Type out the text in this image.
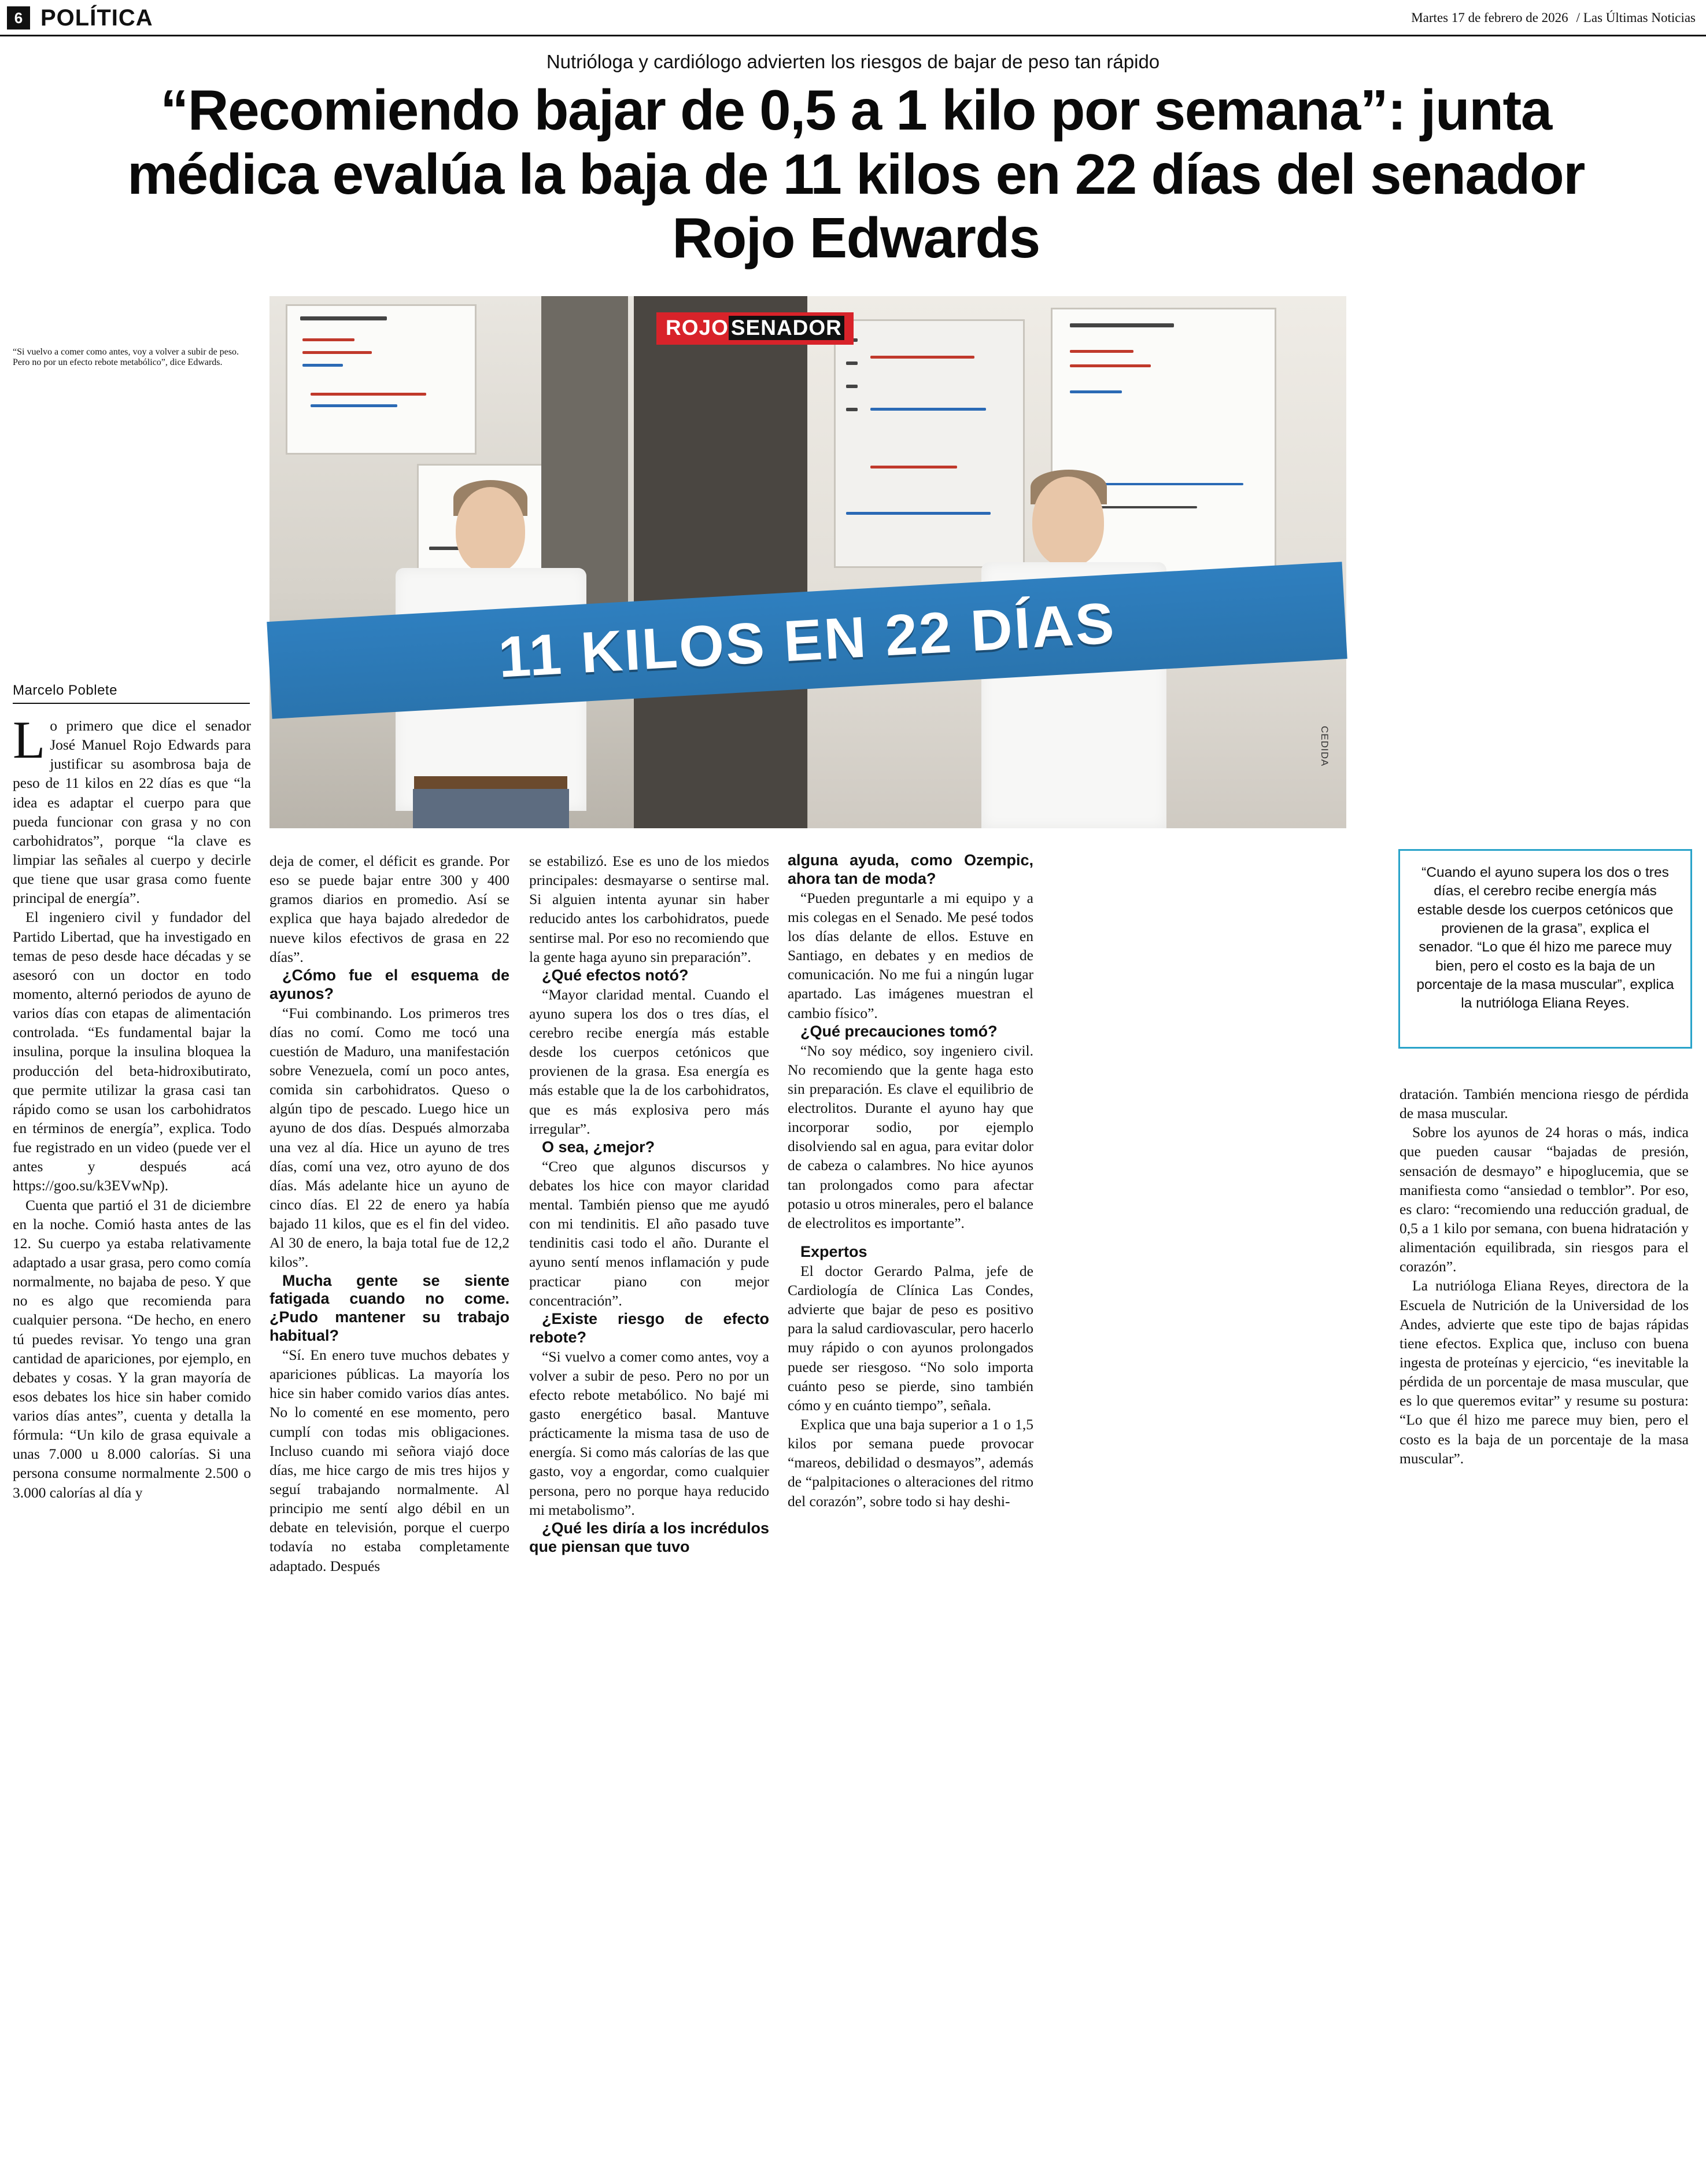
6 POLÍTICA	Martes 17 de febrero de 2026 / Las Últimas Noticias
Nutrióloga y cardiólogo advierten los riesgos de bajar de peso tan rápido
“Recomiendo bajar de 0,5 a 1 kilo por semana”: junta médica evalúa la baja de 11 kilos en 22 días del senador Rojo Edwards
“Si vuelvo a comer como antes, voy a volver a subir de peso. Pero no por un efecto rebote metabólico”, dice Edwards.
Marcelo Poblete
ROJO SENADOR
11 KILOS EN 22 DÍAS
CEDIDA
“Cuando el ayuno supera los dos o tres días, el cerebro recibe energía más estable desde los cuerpos cetónicos que provienen de la grasa”, explica el senador. “Lo que él hizo me parece muy bien, pero el costo es la baja de un porcentaje de la masa muscular”, explica la nutrióloga Eliana Reyes.

Lo primero que dice el senador José Manuel Rojo Edwards para justificar su asombrosa baja de peso de 11 kilos en 22 días es que “la idea es adaptar el cuerpo para que pueda funcionar con grasa y no con carbohidratos”, porque “la clave es limpiar las señales al cuerpo y decirle que tiene que usar grasa como fuente principal de energía”.

El ingeniero civil y fundador del Partido Libertad, que ha investigado en temas de peso desde hace décadas y se asesoró con un doctor en todo momento, alternó periodos de ayuno de varios días con etapas de alimentación controlada. “Es fundamental bajar la insulina, porque la insulina bloquea la producción del beta-hidroxibutirato, que permite utilizar la grasa casi tan rápido como se usan los carbohidratos en términos de energía”, explica. Todo fue registrado en un video (puede ver el antes y después acá https://goo.su/k3EVwNp).

Cuenta que partió el 31 de diciembre en la noche. Comió hasta antes de las 12. Su cuerpo ya estaba relativamente adaptado a usar grasa, pero como comía normalmente, no bajaba de peso. Y que no es algo que recomienda para cualquier persona. “De hecho, en enero tú puedes revisar. Yo tengo una gran cantidad de apariciones, por ejemplo, en debates y cosas. Y la gran mayoría de esos debates los hice sin haber comido varios días antes”, cuenta y detalla la fórmula: “Un kilo de grasa equivale a unas 7.000 u 8.000 calorías. Si una persona consume normalmente 2.500 o 3.000 calorías al día y

deja de comer, el déficit es grande. Por eso se puede bajar entre 300 y 400 gramos diarios en promedio. Así se explica que haya bajado alrededor de nueve kilos efectivos de grasa en 22 días”.

¿Cómo fue el esquema de ayunos?

“Fui combinando. Los primeros tres días no comí. Como me tocó una cuestión de Maduro, una manifestación sobre Venezuela, comí un poco antes, comida sin carbohidratos. Queso o algún tipo de pescado. Luego hice un ayuno de dos días. Después almorzaba una vez al día. Hice un ayuno de tres días, comí una vez, otro ayuno de dos días. Más adelante hice un ayuno de cinco días. El 22 de enero ya había bajado 11 kilos, que es el fin del video. Al 30 de enero, la baja total fue de 12,2 kilos”.

Mucha gente se siente fatigada cuando no come. ¿Pudo mantener su trabajo habitual?

“Sí. En enero tuve muchos debates y apariciones públicas. La mayoría los hice sin haber comido varios días antes. No lo comenté en ese momento, pero cumplí con todas mis obligaciones. Incluso cuando mi señora viajó doce días, me hice cargo de mis tres hijos y seguí trabajando normalmente. Al principio me sentí algo débil en un debate en televisión, porque el cuerpo todavía no estaba completamente adaptado. Después

se estabilizó. Ese es uno de los miedos principales: desmayarse o sentirse mal. Si alguien intenta ayunar sin haber reducido antes los carbohidratos, puede sentirse mal. Por eso no recomiendo que la gente haga ayuno sin preparación”.

¿Qué efectos notó?

“Mayor claridad mental. Cuando el ayuno supera los dos o tres días, el cerebro recibe energía más estable desde los cuerpos cetónicos que provienen de la grasa. Esa energía es más estable que la de los carbohidratos, que es más explosiva pero más irregular”.

O sea, ¿mejor?

“Creo que algunos discursos y debates los hice con mayor claridad mental. También pienso que me ayudó con mi tendinitis. El año pasado tuve tendinitis casi todo el año. Durante el ayuno sentí menos inflamación y pude practicar piano con mejor concentración”.

¿Existe riesgo de efecto rebote?

“Si vuelvo a comer como antes, voy a volver a subir de peso. Pero no por un efecto rebote metabólico. No bajé mi gasto energético basal. Mantuve prácticamente la misma tasa de uso de energía. Si como más calorías de las que gasto, voy a engordar, como cualquier persona, pero no porque haya reducido mi metabolismo”.

¿Qué les diría a los incrédulos que piensan que tuvo

alguna ayuda, como Ozempic, ahora tan de moda?

“Pueden preguntarle a mi equipo y a mis colegas en el Senado. Me pesé todos los días delante de ellos. Estuve en Santiago, en debates y en medios de comunicación. No me fui a ningún lugar apartado. Las imágenes muestran el cambio físico”.

¿Qué precauciones tomó?

“No soy médico, soy ingeniero civil. No recomiendo que la gente haga esto sin preparación. Es clave el equilibrio de electrolitos. Durante el ayuno hay que incorporar sodio, por ejemplo disolviendo sal en agua, para evitar dolor de cabeza o calambres. No hice ayunos tan prolongados como para afectar potasio u otros minerales, pero el balance de electrolitos es importante”.

Expertos

El doctor Gerardo Palma, jefe de Cardiología de Clínica Las Condes, advierte que bajar de peso es positivo para la salud cardiovascular, pero hacerlo muy rápido o con ayunos prolongados puede ser riesgoso. “No solo importa cuánto peso se pierde, sino también cómo y en cuánto tiempo”, señala.

Explica que una baja superior a 1 o 1,5 kilos por semana puede provocar “mareos, debilidad o desmayos”, además de “palpitaciones o alteraciones del ritmo del corazón”, sobre todo si hay deshi-

dratación. También menciona riesgo de pérdida de masa muscular.

Sobre los ayunos de 24 horas o más, indica que pueden causar “bajadas de presión, sensación de desmayo” e hipoglucemia, que se manifiesta como “ansiedad o temblor”. Por eso, es claro: “recomiendo una reducción gradual, de 0,5 a 1 kilo por semana, con buena hidratación y alimentación equilibrada, sin riesgos para el corazón”.

La nutrióloga Eliana Reyes, directora de la Escuela de Nutrición de la Universidad de los Andes, advierte que este tipo de bajas rápidas tiene efectos. Explica que, incluso con buena ingesta de proteínas y ejercicio, “es inevitable la pérdida de un porcentaje de masa muscular, que es lo que queremos evitar” y resume su postura: “Lo que él hizo me parece muy bien, pero el costo es la baja de un porcentaje de la masa muscular”.
